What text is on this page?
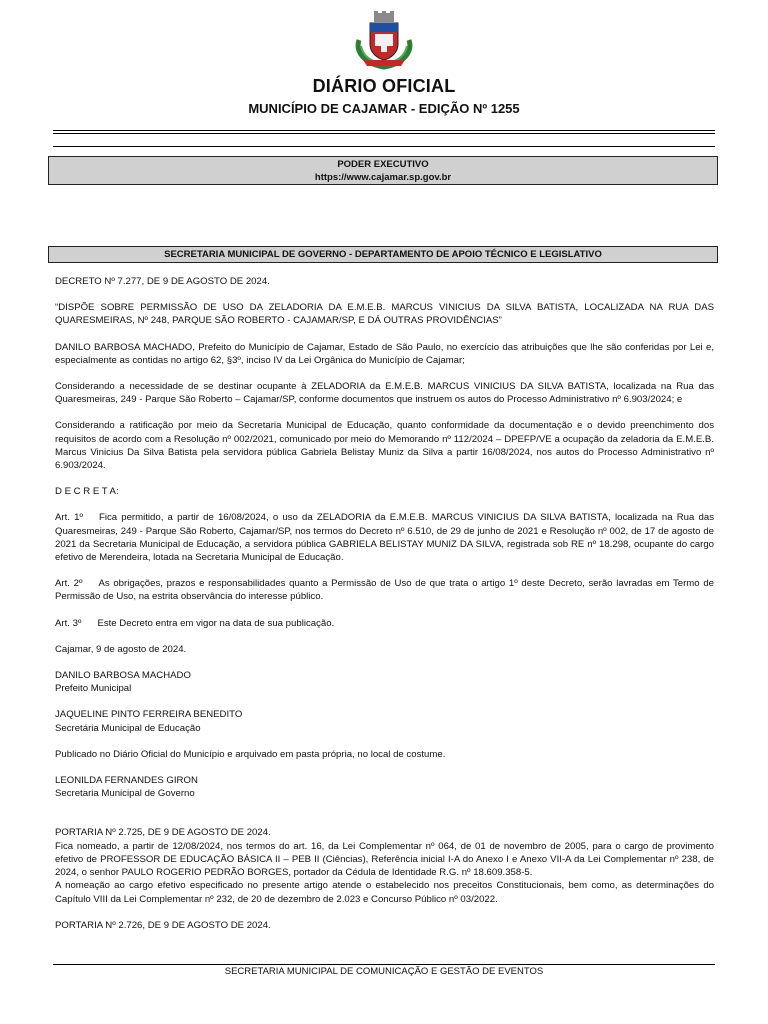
DIÁRIO OFICIAL
MUNICÍPIO DE CAJAMAR - EDIÇÃO Nº 1255
PODER EXECUTIVO
https://www.cajamar.sp.gov.br
SECRETARIA MUNICIPAL DE GOVERNO - DEPARTAMENTO DE APOIO TÉCNICO E LEGISLATIVO

DECRETO Nº 7.277, DE 9 DE AGOSTO DE 2024.

“DISPÕE SOBRE PERMISSÃO DE USO DA ZELADORIA DA E.M.E.B. MARCUS VINICIUS DA SILVA BATISTA, LOCALIZADA NA RUA DAS QUARESMEIRAS, Nº 248, PARQUE SÃO ROBERTO - CAJAMAR/SP, E DÁ OUTRAS PROVIDÊNCIAS”

DANILO BARBOSA MACHADO, Prefeito do Município de Cajamar, Estado de São Paulo, no exercício das atribuições que lhe são conferidas por Lei e, especialmente as contidas no artigo 62, §3º, inciso IV da Lei Orgânica do Município de Cajamar;

Considerando a necessidade de se destinar ocupante à ZELADORIA da E.M.E.B. MARCUS VINICIUS DA SILVA BATISTA, localizada na Rua das Quaresmeiras, 249 - Parque São Roberto – Cajamar/SP, conforme documentos que instruem os autos do Processo Administrativo nº 6.903/2024; e

Considerando a ratificação por meio da Secretaria Municipal de Educação, quanto conformidade da documentação e o devido preenchimento dos requisitos de acordo com a Resolução nº 002/2021, comunicado por meio do Memorando nº 112/2024 – DPEFP/VE a ocupação da zeladoria da E.M.E.B. Marcus Vinicius Da Silva Batista pela servidora pública Gabriela Belistay Muniz da Silva a partir 16/08/2024, nos autos do Processo Administrativo nº 6.903/2024.

D E C R E T A:

Art. 1º Fica permitido, a partir de 16/08/2024, o uso da ZELADORIA da E.M.E.B. MARCUS VINICIUS DA SILVA BATISTA, localizada na Rua das Quaresmeiras, 249 - Parque São Roberto, Cajamar/SP, nos termos do Decreto nº 6.510, de 29 de junho de 2021 e Resolução nº 002, de 17 de agosto de 2021 da Secretaria Municipal de Educação, a servidora pública GABRIELA BELISTAY MUNIZ DA SILVA, registrada sob RE nº 18.298, ocupante do cargo efetivo de Merendeira, lotada na Secretaria Municipal de Educação.

Art. 2º As obrigações, prazos e responsabilidades quanto a Permissão de Uso de que trata o artigo 1º deste Decreto, serão lavradas em Termo de Permissão de Uso, na estrita observância do interesse público.

Art. 3º Este Decreto entra em vigor na data de sua publicação.

Cajamar, 9 de agosto de 2024.

DANILO BARBOSA MACHADO

Prefeito Municipal

JAQUELINE PINTO FERREIRA BENEDITO

Secretária Municipal de Educação

Publicado no Diário Oficial do Município e arquivado em pasta própria, no local de costume.

LEONILDA FERNANDES GIRON

Secretaria Municipal de Governo

PORTARIA Nº 2.725, DE 9 DE AGOSTO DE 2024.

Fica nomeado, a partir de 12/08/2024, nos termos do art. 16, da Lei Complementar nº 064, de 01 de novembro de 2005, para o cargo de provimento efetivo de PROFESSOR DE EDUCAÇÃO BÁSICA II – PEB II (Ciências), Referência inicial I-A do Anexo I e Anexo VII-A da Lei Complementar nº 238, de 2024, o senhor PAULO ROGERIO PEDRÃO BORGES, portador da Cédula de Identidade R.G. nº 18.609.358-5.

A nomeação ao cargo efetivo especificado no presente artigo atende o estabelecido nos preceitos Constitucionais, bem como, as determinações do Capítulo VIII da Lei Complementar nº 232, de 20 de dezembro de 2.023 e Concurso Público nº 03/2022.

PORTARIA Nº 2.726, DE 9 DE AGOSTO DE 2024.

SECRETARIA MUNICIPAL DE COMUNICAÇÃO E GESTÃO DE EVENTOS
